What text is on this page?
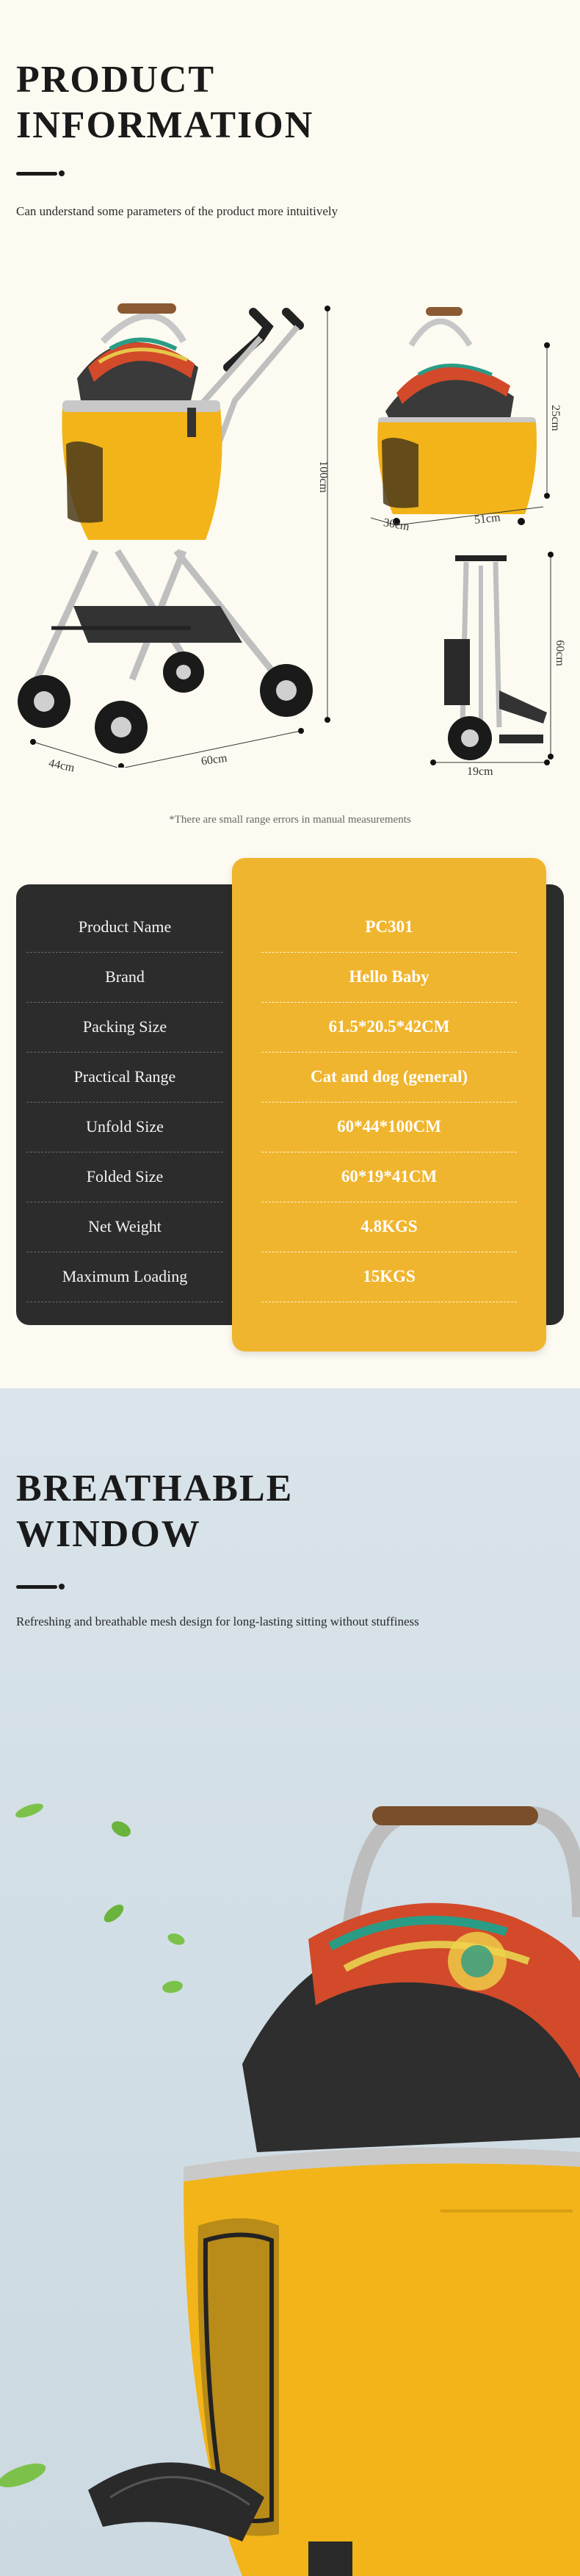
PRODUCT
INFORMATION
Can understand some parameters of the product more intuitively
100cm
44cm	60cm
25cm
30cm	51cm
60cm
19cm
*There are small range errors in manual measurements
Product Name	PC301
Brand	Hello Baby
Packing Size	61.5*20.5*42CM
Practical Range	Cat and dog (general)
Unfold Size	60*44*100CM
Folded Size	60*19*41CM
Net Weight	4.8KGS
Maximum Loading	15KGS
BREATHABLE
WINDOW
Refreshing and breathable mesh design for long-lasting sitting without stuffiness
